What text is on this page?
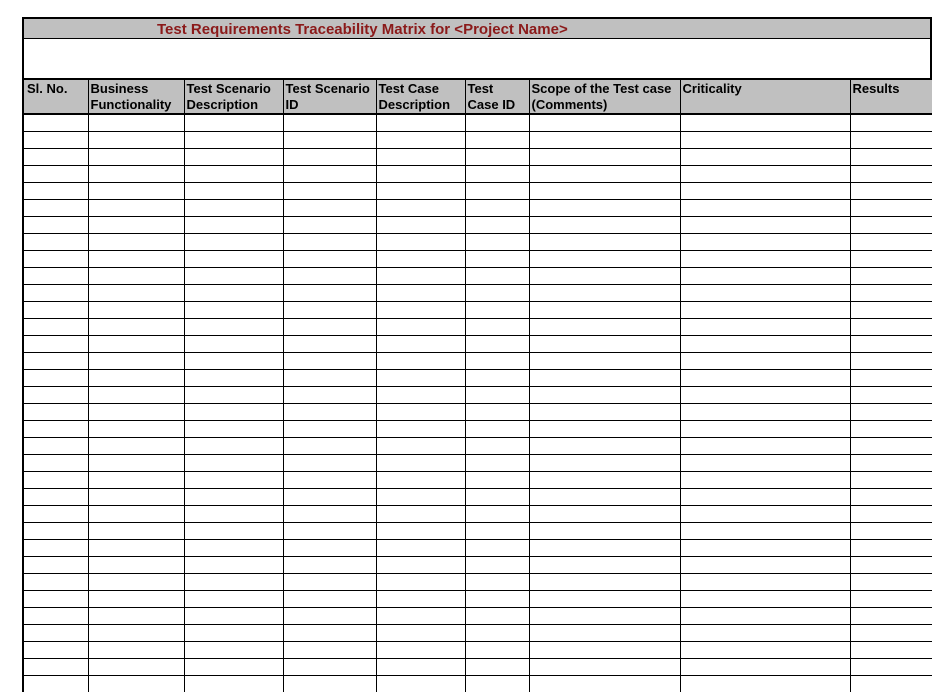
Test Requirements Traceability Matrix for <Project Name>
Sl. No.	Business Functionality	Test Scenario Description	Test Scenario ID	Test Case Description	Test Case ID	Scope of the Test case (Comments)	Criticality	Results
